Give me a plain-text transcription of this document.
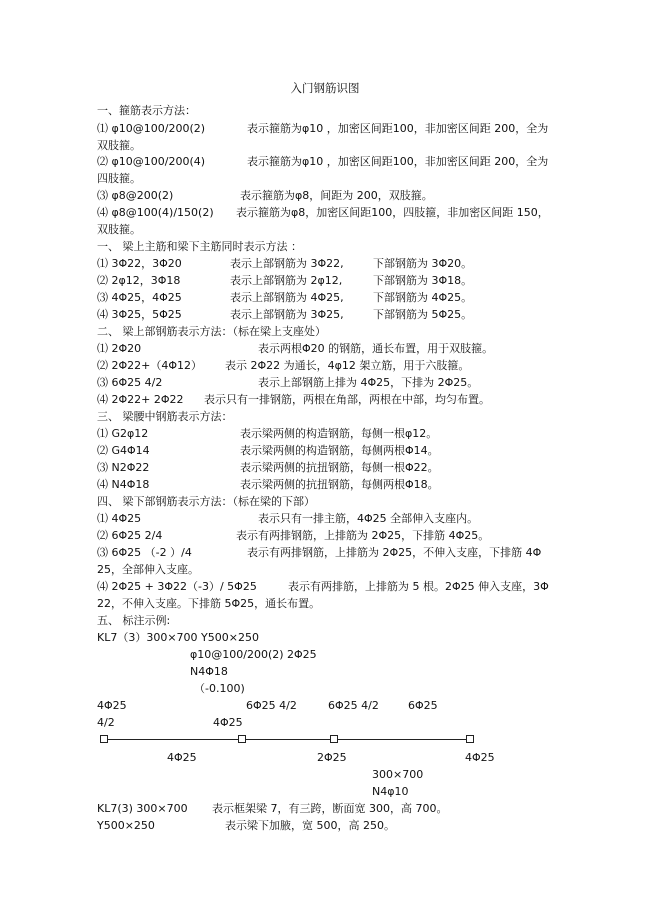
入门钢筋识图
一、箍筋表示方法：
⑴ φ10@100/200(2)	表示箍筋为φ10 ，加密区间距100，非加密区间距 200，全为
双肢箍。
⑵ φ10@100/200(4)	表示箍筋为φ10 ，加密区间距100，非加密区间距 200，全为
四肢箍。
⑶ φ8@200(2)	表示箍筋为φ8，间距为 200，双肢箍。
⑷ φ8@100(4)/150(2) 表示箍筋为φ8，加密区间距100，四肢箍，非加密区间距 150，
双肢箍。
一、 梁上主筋和梁下主筋同时表示方法 ：
⑴ 3Φ22，3Φ20	表示上部钢筋为 3Φ22,	下部钢筋为 3Φ20。
⑵ 2φ12，3Φ18	表示上部钢筋为 2φ12,	下部钢筋为 3Φ18。
⑶ 4Φ25，4Φ25	表示上部钢筋为 4Φ25,	下部钢筋为 4Φ25。
⑷ 3Φ25，5Φ25	表示上部钢筋为 3Φ25,	下部钢筋为 5Φ25。
二、 梁上部钢筋表示方法：（标在梁上支座处）
⑴ 2Φ20	表示两根Φ20 的钢筋，通长布置，用于双肢箍。
⑵ 2Φ22+（4Φ12） 表示 2Φ22 为通长，4φ12 架立筋，用于六肢箍。
⑶ 6Φ25 4/2	表示上部钢筋上排为 4Φ25，下排为 2Φ25。
⑷ 2Φ22+ 2Φ22 表示只有一排钢筋，两根在角部，两根在中部，均匀布置。
三、 梁腰中钢筋表示方法：
⑴ G2φ12	表示梁两侧的构造钢筋，每侧一根φ12。
⑵ G4Φ14	表示梁两侧的构造钢筋，每侧两根Φ14。
⑶ N2Φ22	表示梁两侧的抗扭钢筋，每侧一根Φ22。
⑷ N4Φ18	表示梁两侧的抗扭钢筋，每侧两根Φ18。
四、 梁下部钢筋表示方法：（标在梁的下部）
⑴ 4Φ25	表示只有一排主筋，4Φ25 全部伸入支座内。
⑵ 6Φ25 2/4	表示有两排钢筋，上排筋为 2Φ25，下排筋 4Φ25。
⑶ 6Φ25 （-2 ）/4	表示有两排钢筋，上排筋为 2Φ25，不伸入支座，下排筋 4Φ
25，全部伸入支座。
⑷ 2Φ25 + 3Φ22（-3）/ 5Φ25	表示有两排筋，上排筋为 5 根。2Φ25 伸入支座，3Φ
22，不伸入支座。下排筋 5Φ25，通长布置。
五、 标注示例:
KL7（3）300×700 Y500×250
φ10@100/200(2) 2Φ25
N4Φ18
（-0.100)
4Φ25	6Φ25 4/2	6Φ25 4/2	6Φ25
4/2	4Φ25
4Φ25	2Φ25	4Φ25
300×700
N4φ10
KL7(3) 300×700 表示框架梁 7，有三跨，断面宽 300，高 700。
Y500×250	表示梁下加腋，宽 500，高 250。
